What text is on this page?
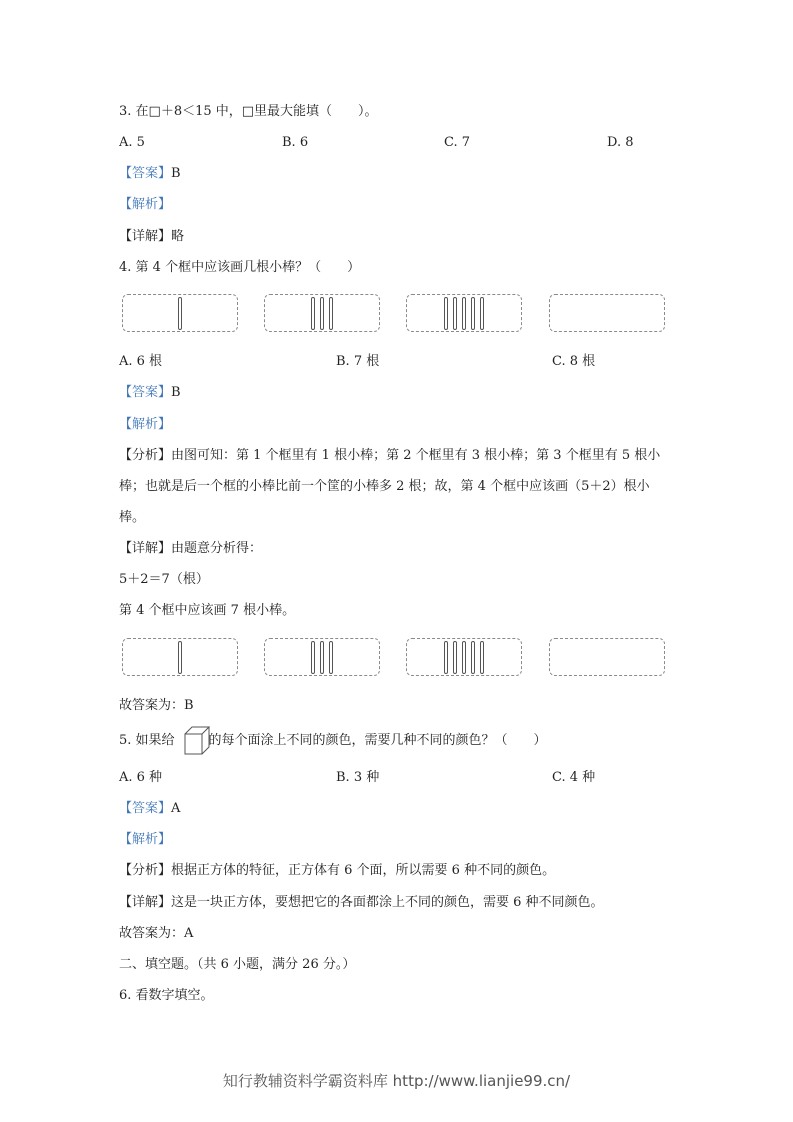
3. 在□＋8＜15 中，□里最大能填（　　）。
A. 5	B. 6	C. 7	D. 8
【答案】B
【解析】
【详解】略
4. 第 4 个框中应该画几根小棒？（　　）
A. 6 根	B. 7 根	C. 8 根
【答案】B
【解析】
【分析】由图可知：第 1 个框里有 1 根小棒；第 2 个框里有 3 根小棒；第 3 个框里有 5 根小
棒；也就是后一个框的小棒比前一个筐的小棒多 2 根；故，第 4 个框中应该画（5＋2）根小
棒。
【详解】由题意分析得：
5＋2＝7（根）
第 4 个框中应该画 7 根小棒。
故答案为：B
5. 如果给	的每个面涂上不同的颜色，需要几种不同的颜色？（　　）
A. 6 种	B. 3 种	C. 4 种
【答案】A
【解析】
【分析】根据正方体的特征，正方体有 6 个面，所以需要 6 种不同的颜色。
【详解】这是一块正方体，要想把它的各面都涂上不同的颜色，需要 6 种不同颜色。
故答案为：A
二、填空题。（共 6 小题，满分 26 分。）
6. 看数字填空。
知行教辅资料学霸资料库 http://www.lianjie99.cn/
